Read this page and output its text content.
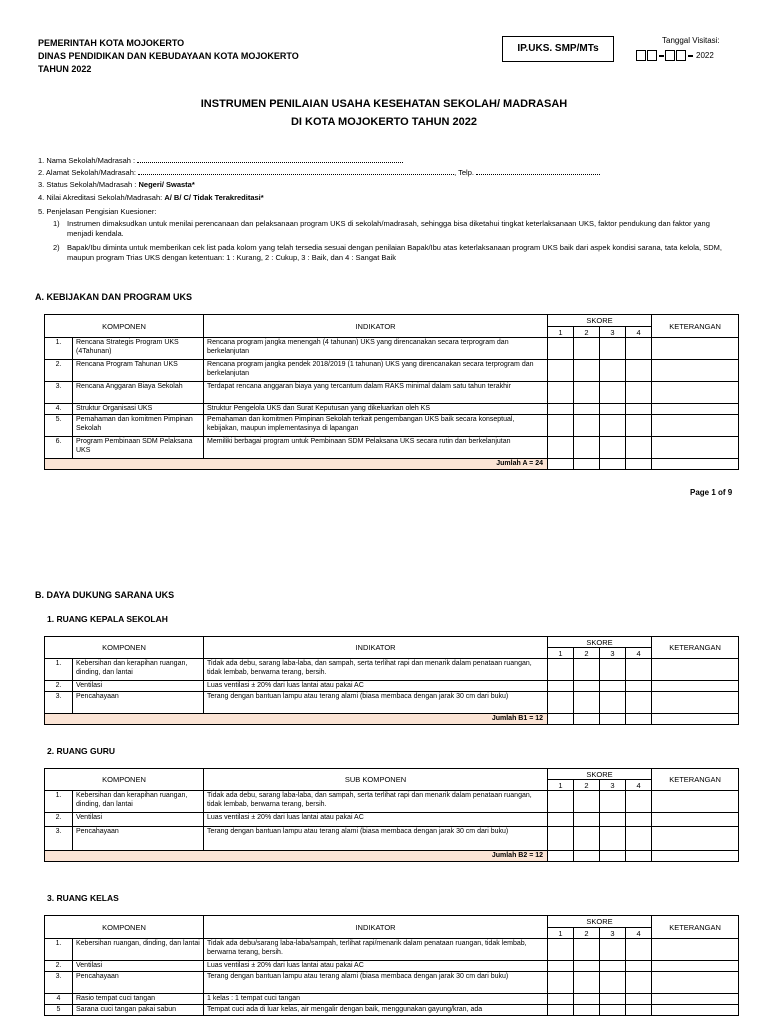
PEMERINTAH KOTA MOJOKERTO
DINAS PENDIDIKAN DAN KEBUDAYAAN KOTA MOJOKERTO
TAHUN 2022
IP.UKS. SMP/MTs
Tanggal Visitasi:
2022
INSTRUMEN PENILAIAN USAHA KESEHATAN SEKOLAH/ MADRASAH
DI KOTA MOJOKERTO TAHUN 2022
1. Nama Sekolah/Madrasah :
2. Alamat Sekolah/Madrasah:	, Telp.
3. Status Sekolah/Madrasah : Negeri/ Swasta*
4. Nilai Akreditasi Sekolah/Madrasah: A/ B/ C/ Tidak Terakreditasi*
5. Penjelasan Pengisian Kuesioner:
1) Instrumen dimaksudkan untuk menilai perencanaan dan pelaksanaan program UKS di sekolah/madrasah, sehingga bisa diketahui tingkat keterlaksanaan UKS, faktor pendukung dan faktor yang menjadi kendala.
2) Bapak/Ibu diminta untuk memberikan cek list pada kolom yang telah tersedia sesuai dengan penilaian Bapak/Ibu atas keterlaksanaan program UKS baik dari aspek kondisi sarana, tata kelola, SDM, maupun program Trias UKS dengan ketentuan: 1 : Kurang, 2 : Cukup, 3 : Baik, dan 4 : Sangat Baik
A. KEBIJAKAN DAN PROGRAM UKS
KOMPONEN		INDIKATOR	SKORE				KETERANGAN
			1	2	3	4	
1.	Rencana Strategis Program UKS (4Tahunan)	Rencana program jangka menengah (4 tahunan) UKS yang direncanakan secara terprogram dan berkelanjutan					
2.	Rencana Program Tahunan UKS	Rencana program jangka pendek 2018/2019 (1 tahunan) UKS yang direncanakan secara terprogram dan berkelanjutan					
3.	Rencana Anggaran Biaya Sekolah	Terdapat rencana anggaran biaya yang tercantum dalam RAKS minimal dalam satu tahun terakhir					
4.	Struktur Organisasi UKS	Struktur Pengelola UKS dan Surat Keputusan yang dikeluarkan oleh KS					
5.	Pemahaman dan komitmen Pimpinan Sekolah	Pemahaman dan komitmen Pimpinan Sekolah terkait pengembangan UKS baik secara konseptual, kebijakan, maupun implementasinya di lapangan					
6.	Program Pembinaan SDM Pelaksana UKS	Memiliki berbagai program untuk Pembinaan SDM Pelaksana UKS secara rutin dan berkelanjutan					
Jumlah A = 24							
Page 1 of 9
B. DAYA DUKUNG SARANA UKS
1. RUANG KEPALA SEKOLAH
KOMPONEN		INDIKATOR	SKORE				KETERANGAN
			1	2	3	4	
1.	Kebersihan dan kerapihan ruangan, dinding, dan lantai	Tidak ada debu, sarang laba-laba, dan sampah, serta terlihat rapi dan menarik dalam penataan ruangan, tidak lembab, berwarna terang, bersih.					
2.	Ventilasi	Luas ventilasi ± 20% dari luas lantai atau pakai AC					
3.	Pencahayaan	Terang dengan bantuan lampu atau terang alami (biasa membaca dengan jarak 30 cm dari buku)					
Jumlah B1 = 12							
2. RUANG GURU
KOMPONEN		SUB KOMPONEN	SKORE				KETERANGAN
			1	2	3	4	
1.	Kebersihan dan kerapihan ruangan, dinding, dan lantai	Tidak ada debu, sarang laba-laba, dan sampah, serta terlihat rapi dan menarik dalam penataan ruangan, tidak lembab, berwarna terang, bersih.					
2.	Ventilasi	Luas ventilasi ± 20% dari luas lantai atau pakai AC					
3.	Pencahayaan	Terang dengan bantuan lampu atau terang alami (biasa membaca dengan jarak 30 cm dari buku)					
Jumlah B2 = 12							
3. RUANG KELAS
KOMPONEN		INDIKATOR	SKORE				KETERANGAN
			1	2	3	4	
1.	Kebersihan ruangan, dinding, dan lantai	Tidak ada debu/sarang laba-laba/sampah, terlihat rapi/menarik dalam penataan ruangan, tidak lembab, berwarna terang, bersih.					
2.	Ventilasi	Luas ventilasi ± 20% dari luas lantai atau pakai AC					
3.	Pencahayaan	Terang dengan bantuan lampu atau terang alami (biasa membaca dengan jarak 30 cm dari buku)					
4	Rasio tempat cuci tangan	1 kelas : 1 tempat cuci tangan					
5	Sarana cuci tangan pakai sabun	Tempat cuci ada di luar kelas, air mengalir dengan baik, menggunakan gayung/kran, ada					
